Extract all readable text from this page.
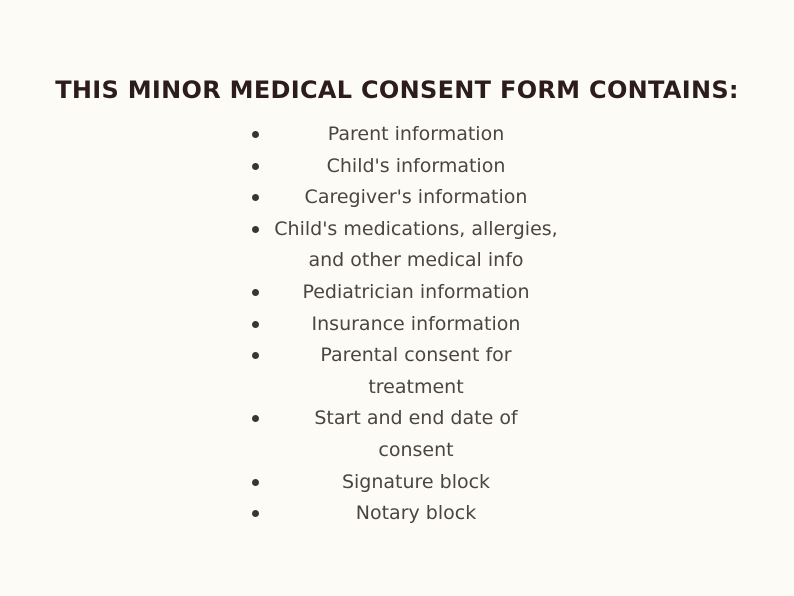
THIS MINOR MEDICAL CONSENT FORM CONTAINS:
Parent information
Child's information
Caregiver's information
Child's medications, allergies,
and other medical info
Pediatrician information
Insurance information
Parental consent for
treatment
Start and end date of
consent
Signature block
Notary block
